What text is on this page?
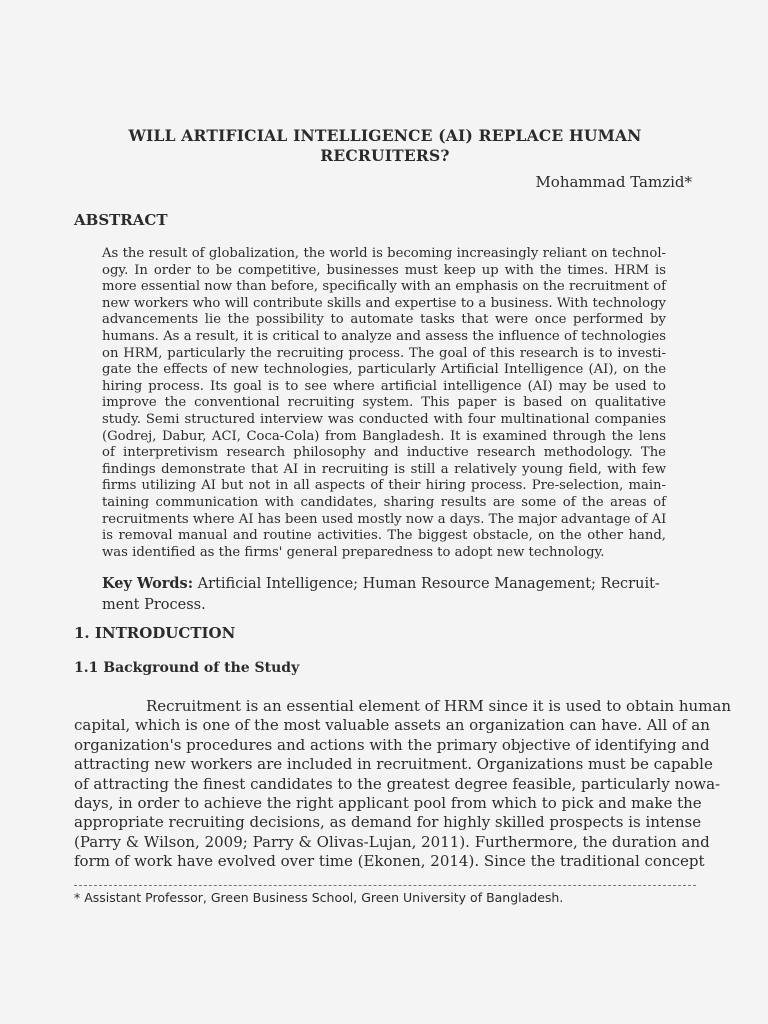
WILL ARTIFICIAL INTELLIGENCE (AI) REPLACE HUMAN
RECRUITERS?
Mohammad Tamzid*
ABSTRACT
As the result of globalization, the world is becoming increasingly reliant on technol-
ogy. In order to be competitive, businesses must keep up with the times. HRM is
more essential now than before, specifically with an emphasis on the recruitment of
new workers who will contribute skills and expertise to a business. With technology
advancements lie the possibility to automate tasks that were once performed by
humans. As a result, it is critical to analyze and assess the influence of technologies
on HRM, particularly the recruiting process. The goal of this research is to investi-
gate the effects of new technologies, particularly Artificial Intelligence (AI), on the
hiring process. Its goal is to see where artificial intelligence (AI) may be used to
improve the conventional recruiting system. This paper is based on qualitative
study. Semi structured interview was conducted with four multinational companies
(Godrej, Dabur, ACI, Coca-Cola) from Bangladesh. It is examined through the lens
of interpretivism research philosophy and inductive research methodology. The
findings demonstrate that AI in recruiting is still a relatively young field, with few
firms utilizing AI but not in all aspects of their hiring process. Pre-selection, main-
taining communication with candidates, sharing results are some of the areas of
recruitments where AI has been used mostly now a days. The major advantage of AI
is removal manual and routine activities. The biggest obstacle, on the other hand,
was identified as the firms' general preparedness to adopt new technology.
Key Words: Artificial Intelligence; Human Resource Management; Recruit-ment Process.
1. INTRODUCTION
1.1 Background of the Study
Recruitment is an essential element of HRM since it is used to obtain human
capital, which is one of the most valuable assets an organization can have. All of an
organization's procedures and actions with the primary objective of identifying and
attracting new workers are included in recruitment. Organizations must be capable
of attracting the finest candidates to the greatest degree feasible, particularly nowa-
days, in order to achieve the right applicant pool from which to pick and make the
appropriate recruiting decisions, as demand for highly skilled prospects is intense
(Parry & Wilson, 2009; Parry & Olivas-Lujan, 2011). Furthermore, the duration and
form of work have evolved over time (Ekonen, 2014). Since the traditional concept
* Assistant Professor, Green Business School, Green University of Bangladesh.
